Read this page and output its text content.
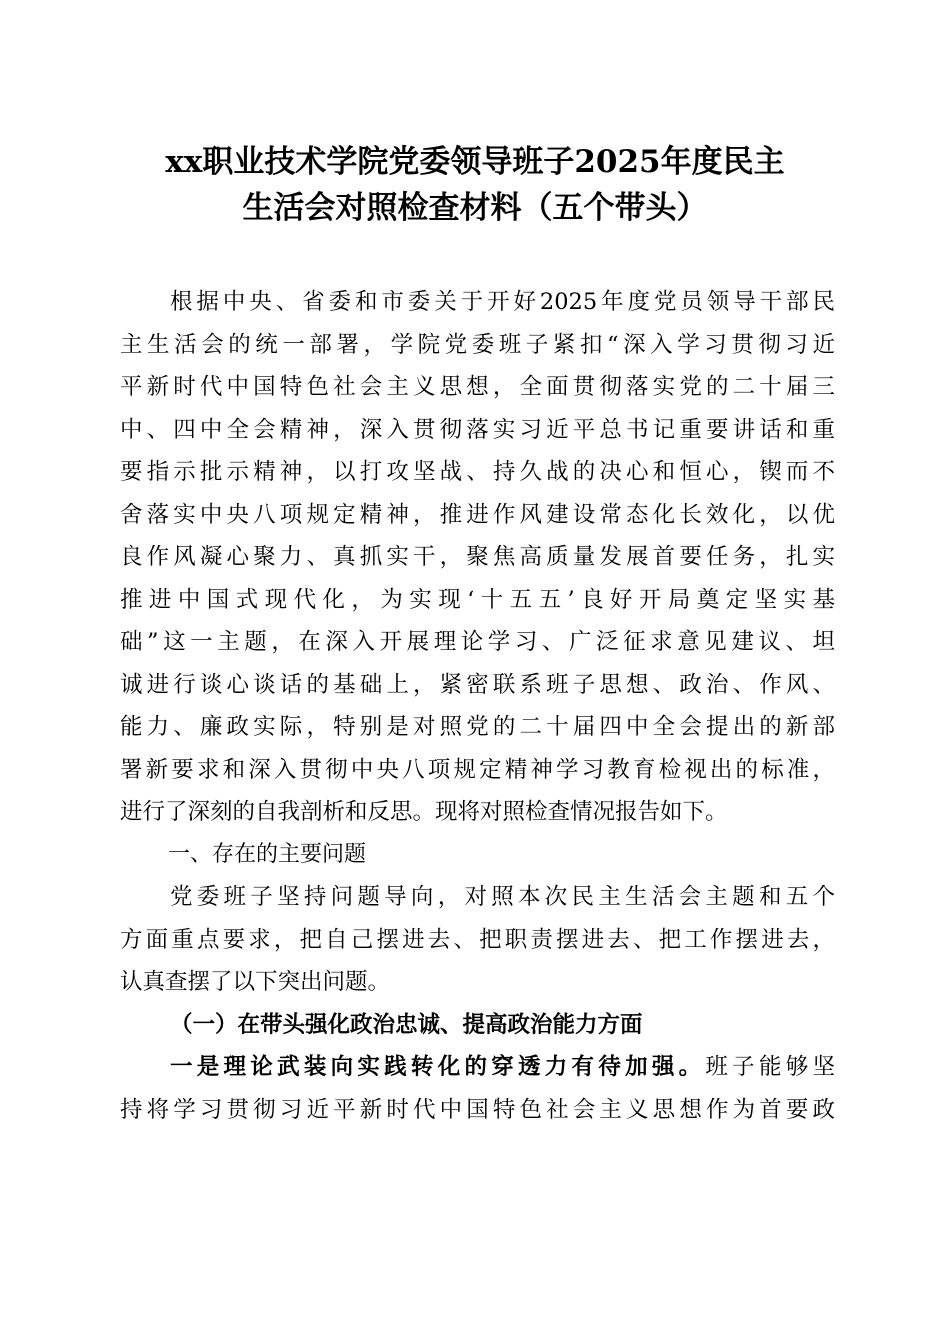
xx职业技术学院党委领导班子2025年度民主
生活会对照检查材料（五个带头）
根据中央、省委和市委关于开好2025年度党员领导干部民
主生活会的统一部署，学院党委班子紧扣“深入学习贯彻习近
平新时代中国特色社会主义思想，全面贯彻落实党的二十届三
中、四中全会精神，深入贯彻落实习近平总书记重要讲话和重
要指示批示精神，以打攻坚战、持久战的决心和恒心，锲而不
舍落实中央八项规定精神，推进作风建设常态化长效化，以优
良作风凝心聚力、真抓实干，聚焦高质量发展首要任务，扎实
推进中国式现代化，为实现‘十五五’良好开局奠定坚实基
础”这一主题，在深入开展理论学习、广泛征求意见建议、坦
诚进行谈心谈话的基础上，紧密联系班子思想、政治、作风、
能力、廉政实际，特别是对照党的二十届四中全会提出的新部
署新要求和深入贯彻中央八项规定精神学习教育检视出的标准，
进行了深刻的自我剖析和反思。现将对照检查情况报告如下。
一、存在的主要问题
党委班子坚持问题导向，对照本次民主生活会主题和五个
方面重点要求，把自己摆进去、把职责摆进去、把工作摆进去，
认真查摆了以下突出问题。
（一）在带头强化政治忠诚、提高政治能力方面
一是理论武装向实践转化的穿透力有待加强。班子能够坚
持将学习贯彻习近平新时代中国特色社会主义思想作为首要政
